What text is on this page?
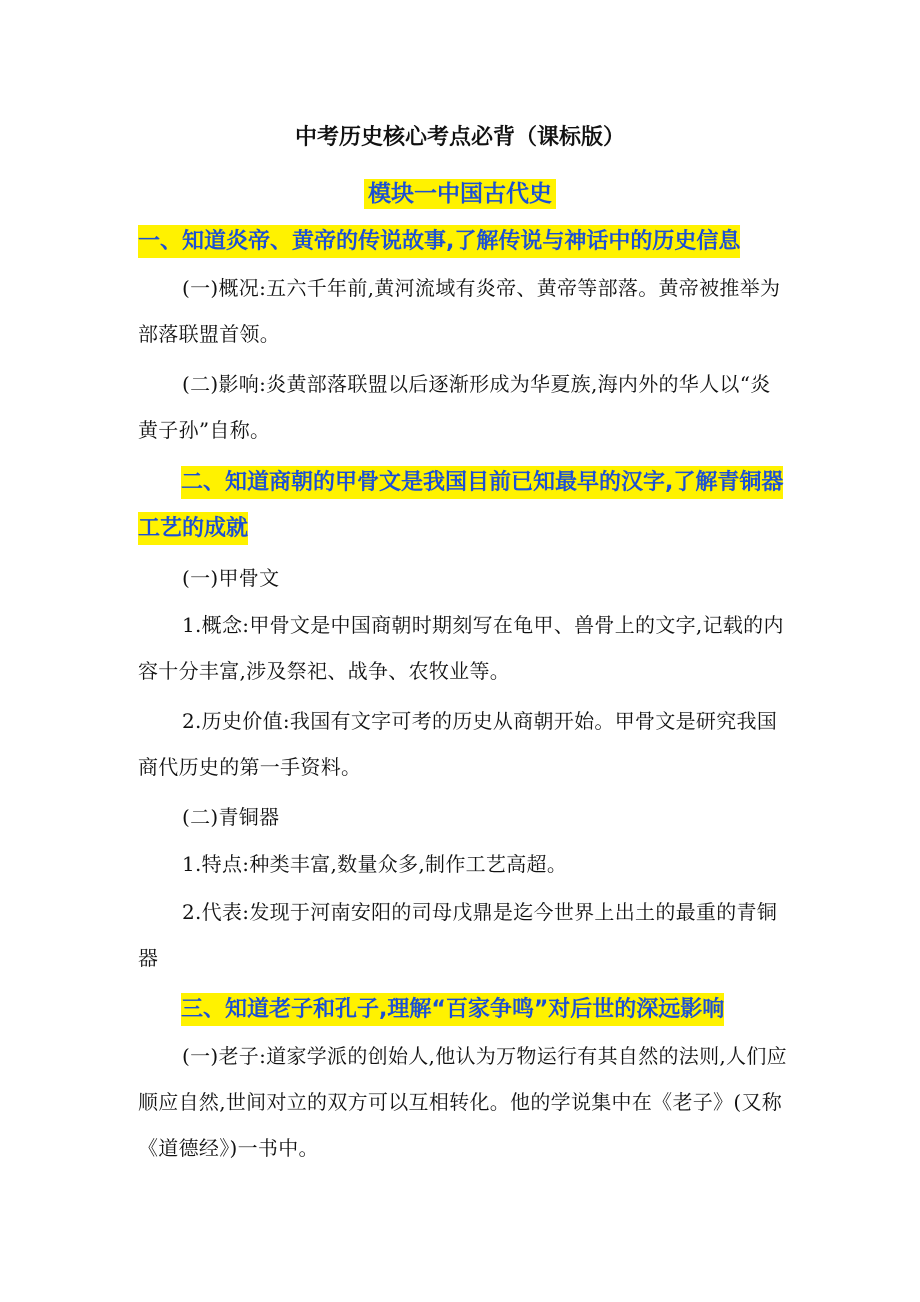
中考历史核心考点必背（课标版）
模块一中国古代史
一、知道炎帝、黄帝的传说故事,了解传说与神话中的历史信息
(一)概况:五六千年前,黄河流域有炎帝、黄帝等部落。黄帝被推举为部落联盟首领。
(二)影响:炎黄部落联盟以后逐渐形成为华夏族,海内外的华人以“炎黄子孙”自称。
二、知道商朝的甲骨文是我国目前已知最早的汉字,了解青铜器工艺的成就
(一)甲骨文
1.概念:甲骨文是中国商朝时期刻写在龟甲、兽骨上的文字,记载的内容十分丰富,涉及祭祀、战争、农牧业等。
2.历史价值:我国有文字可考的历史从商朝开始。甲骨文是研究我国商代历史的第一手资料。
(二)青铜器
1.特点:种类丰富,数量众多,制作工艺高超。
2.代表:发现于河南安阳的司母戊鼎是迄今世界上出土的最重的青铜器
三、知道老子和孔子,理解“百家争鸣”对后世的深远影响
(一)老子:道家学派的创始人,他认为万物运行有其自然的法则,人们应顺应自然,世间对立的双方可以互相转化。他的学说集中在《老子》(又称《道德经》)一书中。
